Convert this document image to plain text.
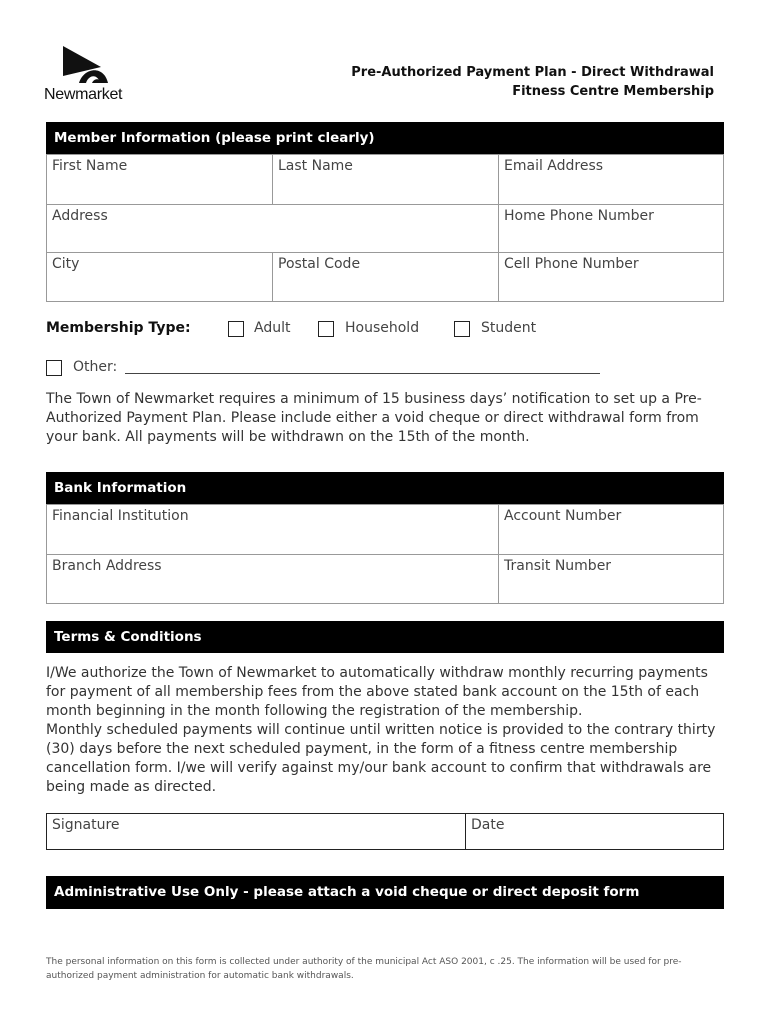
Newmarket
Pre-Authorized Payment Plan - Direct Withdrawal
Fitness Centre Membership
Member Information (please print clearly)
First Name	Last Name	Email Address
Address	Home Phone Number
City	Postal Code	Cell Phone Number
Membership Type:	Adult	Household	Student
Other:
The Town of Newmarket requires a minimum of 15 business days’ notification to set up a Pre-Authorized Payment Plan. Please include either a void cheque or direct withdrawal form from your bank. All payments will be withdrawn on the 15th of the month.
Bank Information
Financial Institution	Account Number
Branch Address	Transit Number
Terms & Conditions
I/We authorize the Town of Newmarket to automatically withdraw monthly recurring payments for payment of all membership fees from the above stated bank account on the 15th of each month beginning in the month following the registration of the membership.
Monthly scheduled payments will continue until written notice is provided to the contrary thirty (30) days before the next scheduled payment, in the form of a fitness centre membership cancellation form. I/we will verify against my/our bank account to confirm that withdrawals are being made as directed.
Signature	Date
Administrative Use Only - please attach a void cheque or direct deposit form
The personal information on this form is collected under authority of the municipal Act ASO 2001, c .25. The information will be used for pre-authorized payment administration for automatic bank withdrawals.
